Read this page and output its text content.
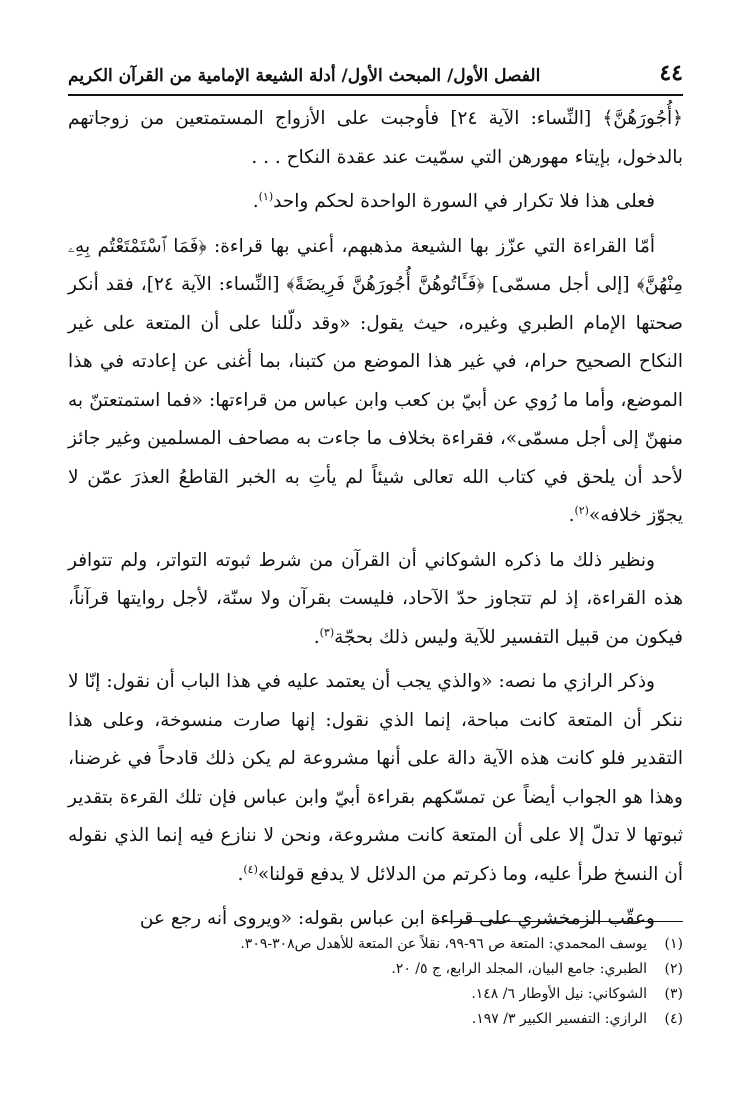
٤٤
الفصل الأول/ المبحث الأول/ أدلة الشيعة الإمامية من القرآن الكريم

﴿أُجُورَهُنَّ﴾ [النِّساء: الآية ٢٤] فأوجبت على الأزواج المستمتعين من زوجاتهم بالدخول، بإيتاء مهورهن التي سمّيت عند عقدة النكاح . . .

فعلى هذا فلا تكرار في السورة الواحدة لحكم واحد$^{(١)}$.

أمّا القراءة التي عزّز بها الشيعة مذهبهم، أعني بها قراءة: ﴿فَمَا ٱسْتَمْتَعْتُم بِهِۦ مِنْهُنَّ﴾ [إلى أجل مسمّى] ﴿فَـَٔاتُوهُنَّ أُجُورَهُنَّ فَرِيضَةً﴾ [النِّساء: الآية ٢٤]، فقد أنكر صحتها الإمام الطبري وغيره، حيث يقول: «وقد دلّلنا على أن المتعة على غير النكاح الصحيح حرام، في غير هذا الموضع من كتبنا، بما أغنى عن إعادته في هذا الموضع، وأما ما رُوي عن أبيّ بن كعب وابن عباس من قراءتها: «فما استمتعتنّ به منهنّ إلى أجل مسمّى»، فقراءة بخلاف ما جاءت به مصاحف المسلمين وغير جائز لأحد أن يلحق في كتاب الله تعالى شيئاً لم يأتِ به الخبر القاطعُ العذرَ عمّن لا يجوّز خلافه»$^{(٢)}$.

ونظير ذلك ما ذكره الشوكاني أن القرآن من شرط ثبوته التواتر، ولم تتوافر هذه القراءة، إذ لم تتجاوز حدّ الآحاد، فليست بقرآن ولا سنّة، لأجل روايتها قرآناً، فيكون من قبيل التفسير للآية وليس ذلك بحجّة$^{(٣)}$.

وذكر الرازي ما نصه: «والذي يجب أن يعتمد عليه في هذا الباب أن نقول: إنّا لا ننكر أن المتعة كانت مباحة، إنما الذي نقول: إنها صارت منسوخة، وعلى هذا التقدير فلو كانت هذه الآية دالة على أنها مشروعة لم يكن ذلك قادحاً في غرضنا، وهذا هو الجواب أيضاً عن تمسّكهم بقراءة أبيّ وابن عباس فإن تلك القرءة بتقدير ثبوتها لا تدلّ إلا على أن المتعة كانت مشروعة، ونحن لا ننازع فيه إنما الذي نقوله أن النسخ طرأ عليه، وما ذكرتم من الدلائل لا يدفع قولنا»$^{(٤)}$.

وعقّب الزمخشري على قراءة ابن عباس بقوله: «ويروى أنه رجع عن

(١)
يوسف المحمدي: المتعة ص ٩٦-٩٩، نقلاً عن المتعة للأهدل ص٣٠٨-٣٠٩.
(٢)
الطبري: جامع البيان، المجلد الرابع، ج ٥/ ٢٠.
(٣)
الشوكاني: نيل الأوطار ٦/ ١٤٨.
(٤)
الرازي: التفسير الكبير ٣/ ١٩٧.
